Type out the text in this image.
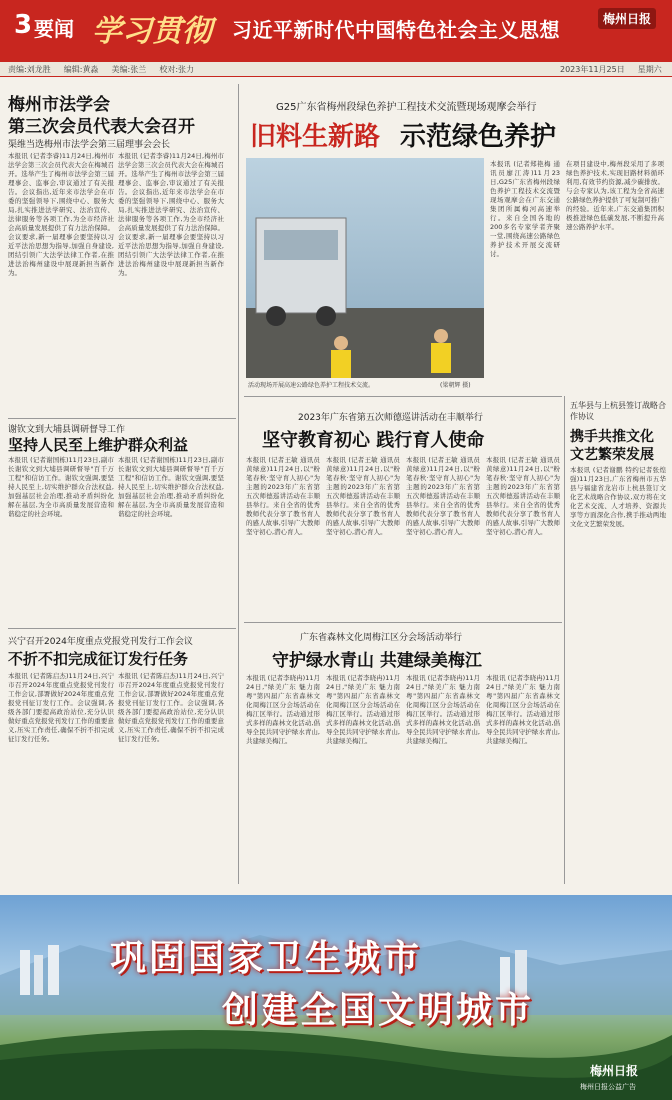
3 要闻 学习贯彻 习近平新时代中国特色社会主义思想	梅州日报
责编:刘龙胜 　 编辑:黄淼 　 美编:张兰 　 校对:张力	2023年11月25日 　 星期六
梅州市法学会
第三次会员代表大会召开
渠维当选梅州市法学会第三届理事会会长
本报讯 (记者李睿)11月24日,梅州市法学会第三次会员代表大会在梅城召开。选举产生了梅州市法学会第三届理事会、监事会,审议通过了有关报告。会议指出,近年来市法学会在市委的坚强领导下,围绕中心、服务大局,扎实推进法学研究、法治宣传、法律服务等各项工作,为全市经济社会高质量发展提供了有力法治保障。会议要求,新一届理事会要坚持以习近平法治思想为指导,加强自身建设,团结引领广大法学法律工作者,在推进法治梅州建设中展现新担当新作为。
本报讯 (记者李睿)11月24日,梅州市法学会第三次会员代表大会在梅城召开。选举产生了梅州市法学会第三届理事会、监事会,审议通过了有关报告。会议指出,近年来市法学会在市委的坚强领导下,围绕中心、服务大局,扎实推进法学研究、法治宣传、法律服务等各项工作,为全市经济社会高质量发展提供了有力法治保障。会议要求,新一届理事会要坚持以习近平法治思想为指导,加强自身建设,团结引领广大法学法律工作者,在推进法治梅州建设中展现新担当新作为。
谢钦文到大埔县调研督导工作
坚持人民至上维护群众利益
本报讯 (记者谢国栋)11月23日,副市长谢钦文到大埔县调研督导"百千万工程"和信访工作。谢钦文强调,要坚持人民至上,切实维护群众合法权益,加强基层社会治理,推动矛盾纠纷化解在基层,为全市高质量发展营造和谐稳定的社会环境。
本报讯 (记者谢国栋)11月23日,副市长谢钦文到大埔县调研督导"百千万工程"和信访工作。谢钦文强调,要坚持人民至上,切实维护群众合法权益,加强基层社会治理,推动矛盾纠纷化解在基层,为全市高质量发展营造和谐稳定的社会环境。
兴宁召开2024年度重点党报党刊发行工作会议
不折不扣完成征订发行任务
本报讯 (记者陈启杰)11月24日,兴宁市召开2024年度重点党报党刊发行工作会议,部署做好2024年度重点党报党刊征订发行工作。会议强调,各级各部门要提高政治站位,充分认识做好重点党报党刊发行工作的重要意义,压实工作责任,确保不折不扣完成征订发行任务。
本报讯 (记者陈启杰)11月24日,兴宁市召开2024年度重点党报党刊发行工作会议,部署做好2024年度重点党报党刊征订发行工作。会议强调,各级各部门要提高政治站位,充分认识做好重点党报党刊发行工作的重要意义,压实工作责任,确保不折不扣完成征订发行任务。
G25广东省梅州段绿色养护工程技术交流暨现场观摩会举行
旧料生新路 示范绿色养护
活动现场开展高速公路绿色养护工程技术交流。	(梁朝辉 摄)
本报讯 (记者郑艳梅 通讯员廖江涛)11月23日,G25广东省梅州段绿色养护工程技术交流暨现场观摩会在广东交通集团所属梅河高速举行。来自全国各地的200多名专家学者齐聚一堂,围绕高速公路绿色养护技术开展交流研讨。
在项目建设中,梅州段采用了多项绿色养护技术,实现旧路材料循环利用,有效节约资源,减少碳排放。与会专家认为,该工程为全省高速公路绿色养护提供了可复制可推广的经验。近年来,广东交通集团积极推进绿色低碳发展,不断提升高速公路养护水平。
2023年广东省第五次师德巡讲活动在丰顺举行
坚守教育初心 践行育人使命
本报讯 (记者王敏 通讯员黄绿意)11月24日,以"粉笔春秋·坚守育人初心"为主题的2023年广东省第五次师德巡讲活动在丰顺县举行。来自全省的优秀教师代表分享了教书育人的感人故事,引导广大教师坚守初心,潜心育人。
本报讯 (记者王敏 通讯员黄绿意)11月24日,以"粉笔春秋·坚守育人初心"为主题的2023年广东省第五次师德巡讲活动在丰顺县举行。来自全省的优秀教师代表分享了教书育人的感人故事,引导广大教师坚守初心,潜心育人。
本报讯 (记者王敏 通讯员黄绿意)11月24日,以"粉笔春秋·坚守育人初心"为主题的2023年广东省第五次师德巡讲活动在丰顺县举行。来自全省的优秀教师代表分享了教书育人的感人故事,引导广大教师坚守初心,潜心育人。
本报讯 (记者王敏 通讯员黄绿意)11月24日,以"粉笔春秋·坚守育人初心"为主题的2023年广东省第五次师德巡讲活动在丰顺县举行。来自全省的优秀教师代表分享了教书育人的感人故事,引导广大教师坚守初心,潜心育人。
广东省森林文化周梅江区分会场活动举行
守护绿水青山 共建绿美梅江
本报讯 (记者李晓冉)11月24日,"绿美广东 魅力南粤"第四届广东省森林文化周梅江区分会场活动在梅江区举行。活动通过形式多样的森林文化活动,倡导全民共同守护绿水青山,共建绿美梅江。
本报讯 (记者李晓冉)11月24日,"绿美广东 魅力南粤"第四届广东省森林文化周梅江区分会场活动在梅江区举行。活动通过形式多样的森林文化活动,倡导全民共同守护绿水青山,共建绿美梅江。
本报讯 (记者李晓冉)11月24日,"绿美广东 魅力南粤"第四届广东省森林文化周梅江区分会场活动在梅江区举行。活动通过形式多样的森林文化活动,倡导全民共同守护绿水青山,共建绿美梅江。
本报讯 (记者李晓冉)11月24日,"绿美广东 魅力南粤"第四届广东省森林文化周梅江区分会场活动在梅江区举行。活动通过形式多样的森林文化活动,倡导全民共同守护绿水青山,共建绿美梅江。
五华县与上杭县签订战略合作协议
携手共推文化
文艺繁荣发展
本报讯 (记者谢鹏 特约记者张煌强)11月23日,广东省梅州市五华县与福建省龙岩市上杭县签订文化艺术战略合作协议,双方将在文化艺术交流、人才培养、资源共享等方面深化合作,携手推动两地文化文艺繁荣发展。
巩固国家卫生城市
创建全国文明城市
梅州日报
梅州日报公益广告
